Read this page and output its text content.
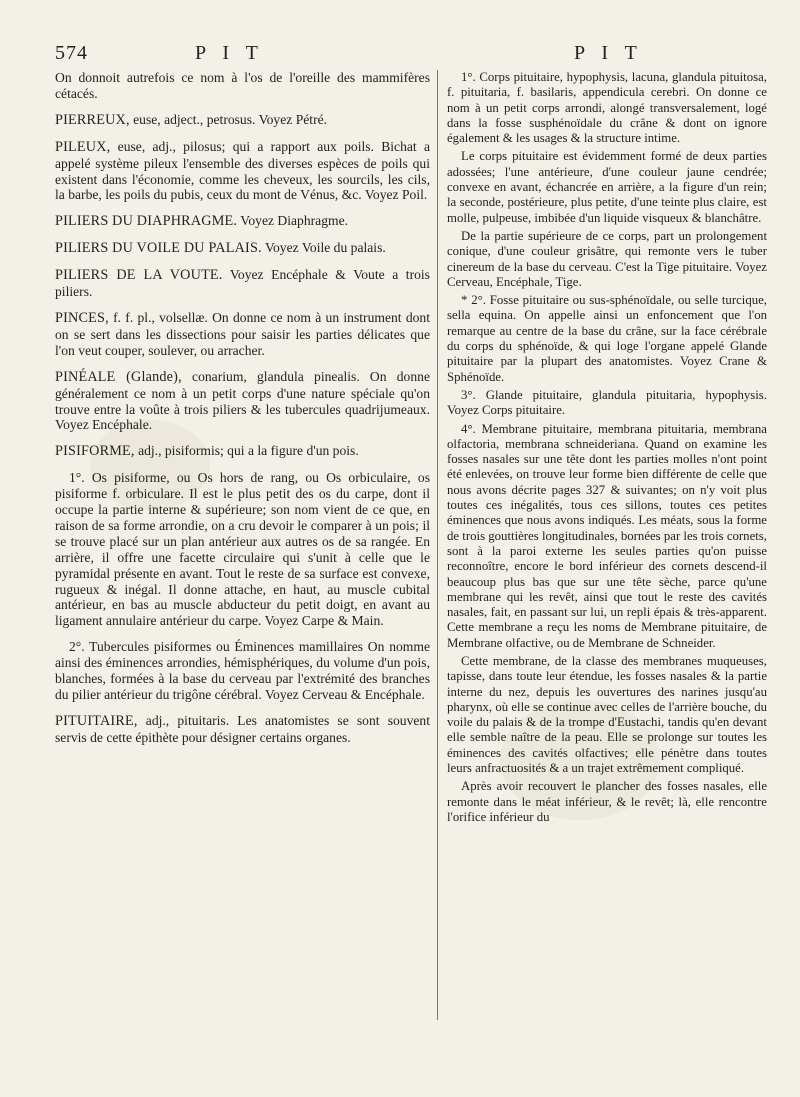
574	P I T	P I T

On donnoit autrefois ce nom à l'os de l'oreille des mammifères cétacés.

PIERREUX, euse, adject., petrosus. Voyez Pétré.

PILEUX, euse, adj., pilosus; qui a rapport aux poils. Bichat a appelé système pileux l'ensemble des diverses espèces de poils qui existent dans l'économie, comme les cheveux, les sourcils, les cils, la barbe, les poils du pubis, ceux du mont de Vénus, &c. Voyez Poil.

PILIERS DU DIAPHRAGME. Voyez Diaphragme.

PILIERS DU VOILE DU PALAIS. Voyez Voile du palais.

PILIERS DE LA VOUTE. Voyez Encéphale & Voute a trois piliers.

PINCES, f. f. pl., volsellæ. On donne ce nom à un instrument dont on se sert dans les dissections pour saisir les parties délicates que l'on veut couper, soulever, ou arracher.

PINÉALE (Glande), conarium, glandula pinealis. On donne généralement ce nom à un petit corps d'une nature spéciale qu'on trouve entre la voûte à trois piliers & les tubercules quadrijumeaux. Voyez Encéphale.

PISIFORME, adj., pisiformis; qui a la figure d'un pois.

1°. Os pisiforme, ou Os hors de rang, ou Os orbiculaire, os pisiforme f. orbiculare. Il est le plus petit des os du carpe, dont il occupe la partie interne & supérieure; son nom vient de ce que, en raison de sa forme arrondie, on a cru devoir le comparer à un pois; il se trouve placé sur un plan antérieur aux autres os de sa rangée. En arrière, il offre une facette circulaire qui s'unit à celle que le pyramidal présente en avant. Tout le reste de sa surface est convexe, rugueux & inégal. Il donne attache, en haut, au muscle cubital antérieur, en bas au muscle abducteur du petit doigt, en avant au ligament annulaire antérieur du carpe. Voyez Carpe & Main.

2°. Tubercules pisiformes ou Éminences mamillaires On nomme ainsi des éminences arrondies, hémisphériques, du volume d'un pois, blanches, formées à la base du cerveau par l'extrémité des branches du pilier antérieur du trigône cérébral. Voyez Cerveau & Encéphale.

PITUITAIRE, adj., pituitaris. Les anatomistes se sont souvent servis de cette épithète pour désigner certains organes.

1°. Corps pituitaire, hypophysis, lacuna, glandula pituitosa, f. pituitaria, f. basilaris, appendicula cerebri. On donne ce nom à un petit corps arrondi, alongé transversalement, logé dans la fosse susphénoïdale du crâne & dont on ignore également & les usages & la structure intime.

Le corps pituitaire est évidemment formé de deux parties adossées; l'une antérieure, d'une couleur jaune cendrée; convexe en avant, échancrée en arrière, a la figure d'un rein; la seconde, postérieure, plus petite, d'une teinte plus claire, est molle, pulpeuse, imbibée d'un liquide visqueux & blanchâtre.

De la partie supérieure de ce corps, part un prolongement conique, d'une couleur grisâtre, qui remonte vers le tuber cinereum de la base du cerveau. C'est la Tige pituitaire. Voyez Cerveau, Encéphale, Tige.

* 2°. Fosse pituitaire ou sus-sphénoïdale, ou selle turcique, sella equina. On appelle ainsi un enfoncement que l'on remarque au centre de la base du crâne, sur la face cérébrale du corps du sphénoïde, & qui loge l'organe appelé Glande pituitaire par la plupart des anatomistes. Voyez Crane & Sphénoïde.

3°. Glande pituitaire, glandula pituitaria, hypophysis. Voyez Corps pituitaire.

4°. Membrane pituitaire, membrana pituitaria, membrana olfactoria, membrana schneideriana. Quand on examine les fosses nasales sur une tête dont les parties molles n'ont point été enlevées, on trouve leur forme bien différente de celle que nous avons décrite pages 327 & suivantes; on n'y voit plus toutes ces inégalités, tous ces sillons, toutes ces petites éminences que nous avons indiqués. Les méats, sous la forme de trois gouttières longitudinales, bornées par les trois cornets, sont à la paroi externe les seules parties qu'on puisse reconnoître, encore le bord inférieur des cornets descend-il beaucoup plus bas que sur une tête sèche, parce qu'une membrane qui les revêt, ainsi que tout le reste des cavités nasales, fait, en passant sur lui, un repli épais & très-apparent. Cette membrane a reçu les noms de Membrane pituitaire, de Membrane olfactive, ou de Membrane de Schneider.

Cette membrane, de la classe des membranes muqueuses, tapisse, dans toute leur étendue, les fosses nasales & la partie interne du nez, depuis les ouvertures des narines jusqu'au pharynx, où elle se continue avec celles de l'arrière bouche, du voile du palais & de la trompe d'Eustachi, tandis qu'en devant elle semble naître de la peau. Elle se prolonge sur toutes les éminences des cavités olfactives; elle pénètre dans toutes leurs anfractuosités & a un trajet extrêmement compliqué.

Après avoir recouvert le plancher des fosses nasales, elle remonte dans le méat inférieur, & le revêt; là, elle rencontre l'orifice inférieur du
